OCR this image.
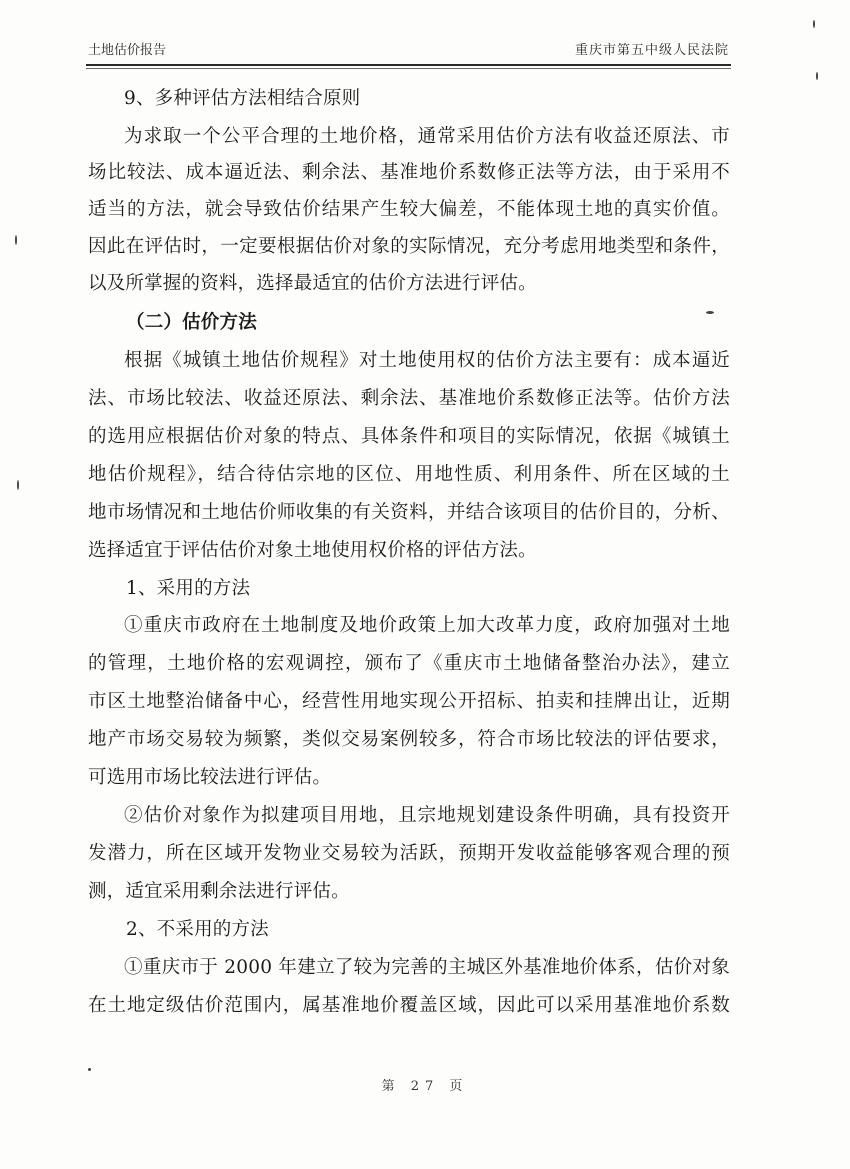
土地估价报告	重庆市第五中级人民法院
9、多种评估方法相结合原则
为求取一个公平合理的土地价格，通常采用估价方法有收益还原法、市
场比较法、成本逼近法、剩余法、基准地价系数修正法等方法，由于采用不
适当的方法，就会导致估价结果产生较大偏差，不能体现土地的真实价值。
因此在评估时，一定要根据估价对象的实际情况，充分考虑用地类型和条件，
以及所掌握的资料，选择最适宜的估价方法进行评估。
（二）估价方法
根据《城镇土地估价规程》对土地使用权的估价方法主要有：成本逼近
法、市场比较法、收益还原法、剩余法、基准地价系数修正法等。估价方法
的选用应根据估价对象的特点、具体条件和项目的实际情况，依据《城镇土
地估价规程》，结合待估宗地的区位、用地性质、利用条件、所在区域的土
地市场情况和土地估价师收集的有关资料，并结合该项目的估价目的，分析、
选择适宜于评估估价对象土地使用权价格的评估方法。
1、采用的方法
①重庆市政府在土地制度及地价政策上加大改革力度，政府加强对土地
的管理，土地价格的宏观调控，颁布了《重庆市土地储备整治办法》，建立
市区土地整治储备中心，经营性用地实现公开招标、拍卖和挂牌出让，近期
地产市场交易较为频繁，类似交易案例较多，符合市场比较法的评估要求，
可选用市场比较法进行评估。
②估价对象作为拟建项目用地，且宗地规划建设条件明确，具有投资开
发潜力，所在区域开发物业交易较为活跃，预期开发收益能够客观合理的预
测，适宜采用剩余法进行评估。
2、不采用的方法
①重庆市于 2000 年建立了较为完善的主城区外基准地价体系，估价对象
在土地定级估价范围内，属基准地价覆盖区域，因此可以采用基准地价系数
第 27 页
